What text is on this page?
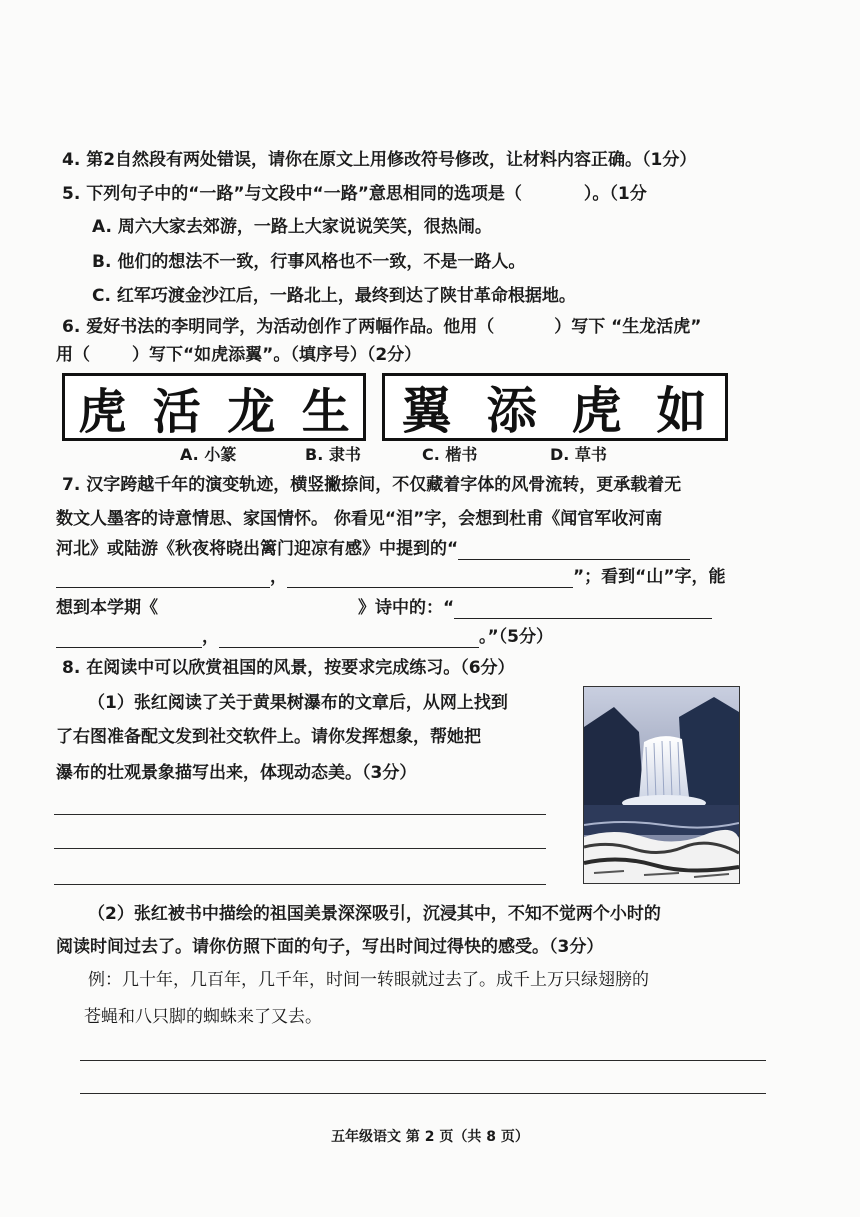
4. 第2自然段有两处错误，请你在原文上用修改符号修改，让材料内容正确。（1分）
5. 下列句子中的“一路”与文段中“一路”意思相同的选项是（	）。（1分
A. 周六大家去郊游，一路上大家说说笑笑，很热闹。
B. 他们的想法不一致，行事风格也不一致，不是一路人。
C. 红军巧渡金沙江后，一路北上，最终到达了陕甘革命根据地。
6. 爱好书法的李明同学，为活动创作了两幅作品。他用（	）写下 “生龙活虎”
用（ ）写下“如虎添翼”。（填序号）（2分）
虎 活 龙 生 翼 添 虎 如
A. 小篆	B. 隶书	C. 楷书	D. 草书
7. 汉字跨越千年的演变轨迹，横竖撇捺间，不仅藏着字体的风骨流转，更承载着无
数文人墨客的诗意情思、家国情怀。 你看见“泪”字，会想到杜甫《闻官军收河南
河北》或陆游《秋夜将晓出篱门迎凉有感》中提到的“
，	”；看到“山”字，能
想到本学期《	》诗中的：“
，	。”（5分）
8. 在阅读中可以欣赏祖国的风景，按要求完成练习。（6分）
（1）张红阅读了关于黄果树瀑布的文章后，从网上找到
了右图准备配文发到社交软件上。请你发挥想象，帮她把
瀑布的壮观景象描写出来，体现动态美。（3分）
（2）张红被书中描绘的祖国美景深深吸引，沉浸其中，不知不觉两个小时的
阅读时间过去了。请你仿照下面的句子，写出时间过得快的感受。（3分）
例：几十年，几百年，几千年，时间一转眼就过去了。成千上万只绿翅膀的
苍蝇和八只脚的蜘蛛来了又去。
五年级语文 第 2 页（共 8 页）
